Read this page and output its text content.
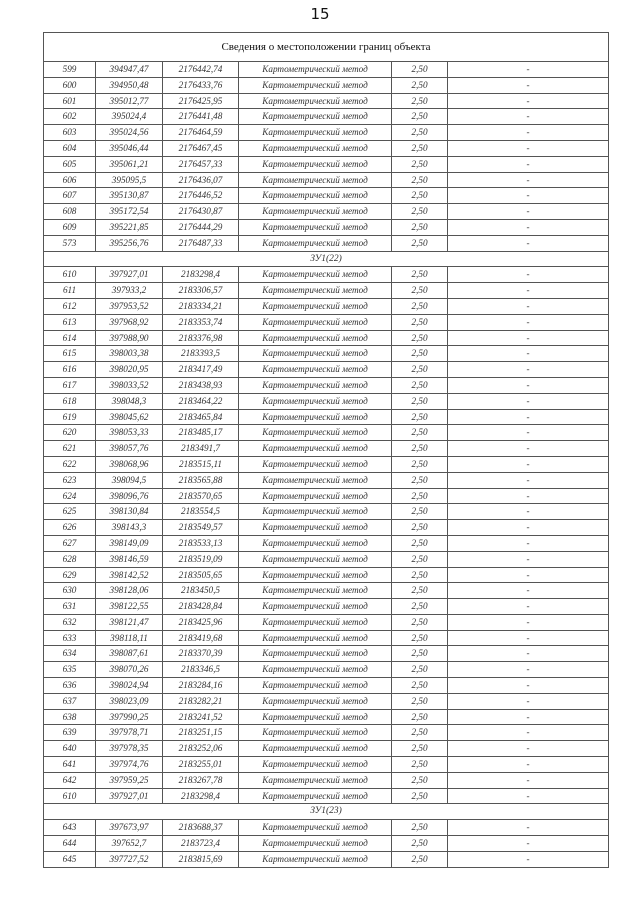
15
Сведения о местоположении границ объекта					
599	394947,47	2176442,74	Картометрический метод	2,50	-
600	394950,48	2176433,76	Картометрический метод	2,50	-
601	395012,77	2176425,95	Картометрический метод	2,50	-
602	395024,4	2176441,48	Картометрический метод	2,50	-
603	395024,56	2176464,59	Картометрический метод	2,50	-
604	395046,44	2176467,45	Картометрический метод	2,50	-
605	395061,21	2176457,33	Картометрический метод	2,50	-
606	395095,5	2176436,07	Картометрический метод	2,50	-
607	395130,87	2176446,52	Картометрический метод	2,50	-
608	395172,54	2176430,87	Картометрический метод	2,50	-
609	395221,85	2176444,29	Картометрический метод	2,50	-
573	395256,76	2176487,33	Картометрический метод	2,50	-
ЗУ1(22)					
610	397927,01	2183298,4	Картометрический метод	2,50	-
611	397933,2	2183306,57	Картометрический метод	2,50	-
612	397953,52	2183334,21	Картометрический метод	2,50	-
613	397968,92	2183353,74	Картометрический метод	2,50	-
614	397988,90	2183376,98	Картометрический метод	2,50	-
615	398003,38	2183393,5	Картометрический метод	2,50	-
616	398020,95	2183417,49	Картометрический метод	2,50	-
617	398033,52	2183438,93	Картометрический метод	2,50	-
618	398048,3	2183464,22	Картометрический метод	2,50	-
619	398045,62	2183465,84	Картометрический метод	2,50	-
620	398053,33	2183485,17	Картометрический метод	2,50	-
621	398057,76	2183491,7	Картометрический метод	2,50	-
622	398068,96	2183515,11	Картометрический метод	2,50	-
623	398094,5	2183565,88	Картометрический метод	2,50	-
624	398096,76	2183570,65	Картометрический метод	2,50	-
625	398130,84	2183554,5	Картометрический метод	2,50	-
626	398143,3	2183549,57	Картометрический метод	2,50	-
627	398149,09	2183533,13	Картометрический метод	2,50	-
628	398146,59	2183519,09	Картометрический метод	2,50	-
629	398142,52	2183505,65	Картометрический метод	2,50	-
630	398128,06	2183450,5	Картометрический метод	2,50	-
631	398122,55	2183428,84	Картометрический метод	2,50	-
632	398121,47	2183425,96	Картометрический метод	2,50	-
633	398118,11	2183419,68	Картометрический метод	2,50	-
634	398087,61	2183370,39	Картометрический метод	2,50	-
635	398070,26	2183346,5	Картометрический метод	2,50	-
636	398024,94	2183284,16	Картометрический метод	2,50	-
637	398023,09	2183282,21	Картометрический метод	2,50	-
638	397990,25	2183241,52	Картометрический метод	2,50	-
639	397978,71	2183251,15	Картометрический метод	2,50	-
640	397978,35	2183252,06	Картометрический метод	2,50	-
641	397974,76	2183255,01	Картометрический метод	2,50	-
642	397959,25	2183267,78	Картометрический метод	2,50	-
610	397927,01	2183298,4	Картометрический метод	2,50	-
ЗУ1(23)					
643	397673,97	2183688,37	Картометрический метод	2,50	-
644	397652,7	2183723,4	Картометрический метод	2,50	-
645	397727,52	2183815,69	Картометрический метод	2,50	-
